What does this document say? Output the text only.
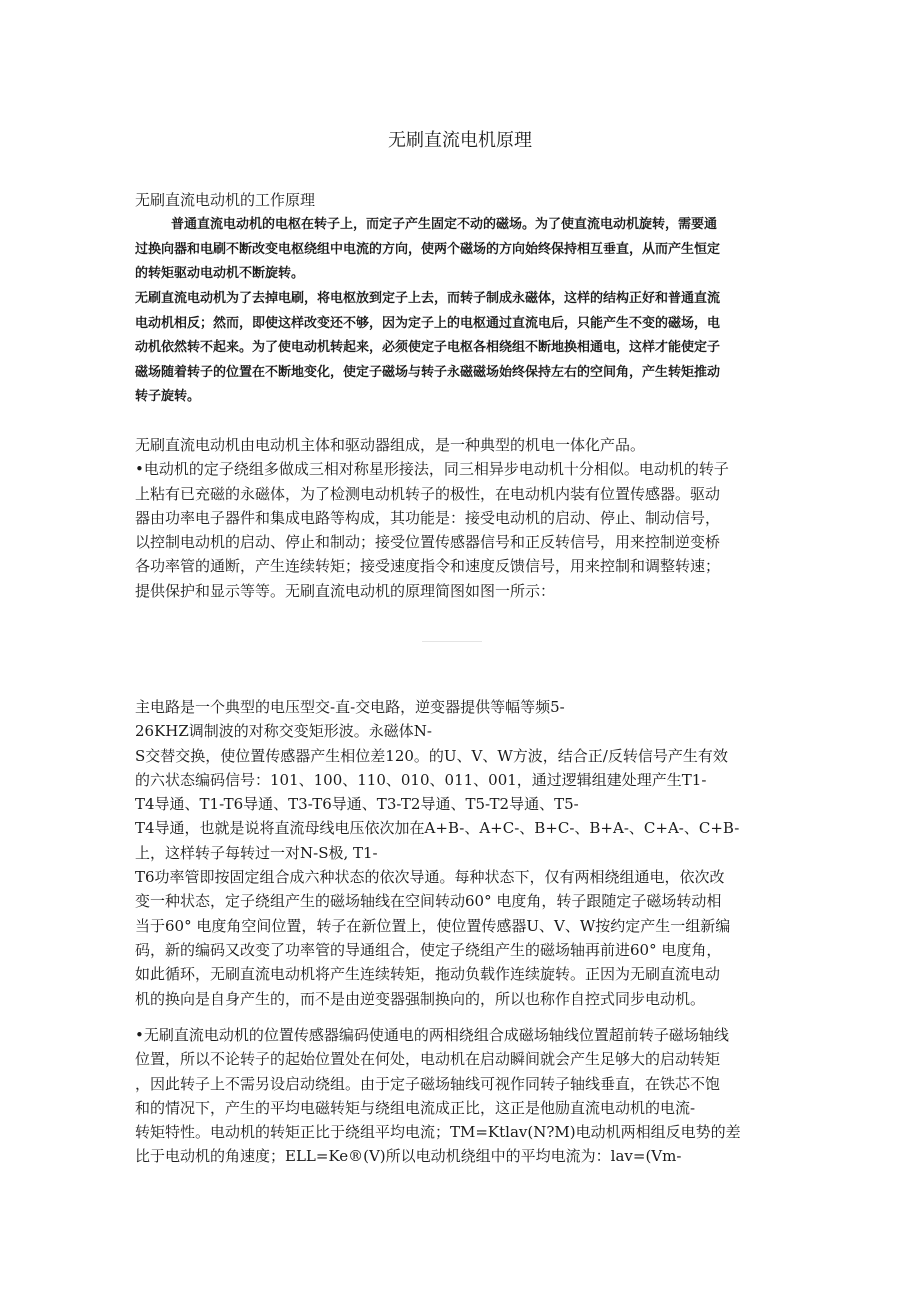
无刷直流电机原理
无刷直流电动机的工作原理
普通直流电动机的电枢在转子上，而定子产生固定不动的磁场。为了使直流电动机旋转，需要通
过换向器和电刷不断改变电枢绕组中电流的方向，使两个磁场的方向始终保持相互垂直，从而产生恒定
的转矩驱动电动机不断旋转。
无刷直流电动机为了去掉电刷，将电枢放到定子上去，而转子制成永磁体，这样的结构正好和普通直流
电动机相反；然而，即使这样改变还不够，因为定子上的电枢通过直流电后，只能产生不变的磁场，电
动机依然转不起来。为了使电动机转起来，必须使定子电枢各相绕组不断地换相通电，这样才能使定子
磁场随着转子的位置在不断地变化，使定子磁场与转子永磁磁场始终保持左右的空间角，产生转矩推动
转子旋转。
无刷直流电动机由电动机主体和驱动器组成，是一种典型的机电一体化产品。
•电动机的定子绕组多做成三相对称星形接法，同三相异步电动机十分相似。电动机的转子
上粘有已充磁的永磁体，为了检测电动机转子的极性，在电动机内装有位置传感器。驱动
器由功率电子器件和集成电路等构成，其功能是：接受电动机的启动、停止、制动信号，
以控制电动机的启动、停止和制动；接受位置传感器信号和正反转信号，用来控制逆变桥
各功率管的通断，产生连续转矩；接受速度指令和速度反馈信号，用来控制和调整转速；
提供保护和显示等等。无刷直流电动机的原理简图如图一所示：
主电路是一个典型的电压型交-直-交电路，逆变器提供等幅等频5-
26KHZ调制波的对称交变矩形波。永磁体N-
S交替交换，使位置传感器产生相位差120。的U、V、W方波，结合正/反转信号产生有效
的六状态编码信号：101、100、110、010、011、001，通过逻辑组建处理产生T1-
T4导通、T1-T6导通、T3-T6导通、T3-T2导通、T5-T2导通、T5-
T4导通，也就是说将直流母线电压依次加在A+B-、A+C-、B+C-、B+A-、C+A-、C+B-
上，这样转子每转过一对N-S极, T1-
T6功率管即按固定组合成六种状态的依次导通。每种状态下，仅有两相绕组通电，依次改
变一种状态，定子绕组产生的磁场轴线在空间转动60° 电度角，转子跟随定子磁场转动相
当于60° 电度角空间位置，转子在新位置上，使位置传感器U、V、W按约定产生一组新编
码，新的编码又改变了功率管的导通组合，使定子绕组产生的磁场轴再前进60° 电度角，
如此循环，无刷直流电动机将产生连续转矩，拖动负载作连续旋转。正因为无刷直流电动
机的换向是自身产生的，而不是由逆变器强制换向的，所以也称作自控式同步电动机。
•无刷直流电动机的位置传感器编码使通电的两相绕组合成磁场轴线位置超前转子磁场轴线
位置，所以不论转子的起始位置处在何处，电动机在启动瞬间就会产生足够大的启动转矩
，因此转子上不需另设启动绕组。由于定子磁场轴线可视作同转子轴线垂直，在铁芯不饱
和的情况下，产生的平均电磁转矩与绕组电流成正比，这正是他励直流电动机的电流-
转矩特性。电动机的转矩正比于绕组平均电流；TM=Ktlav(N?M)电动机两相组反电势的差
比于电动机的角速度；ELL=Ke®(V)所以电动机绕组中的平均电流为：lav=(Vm-
